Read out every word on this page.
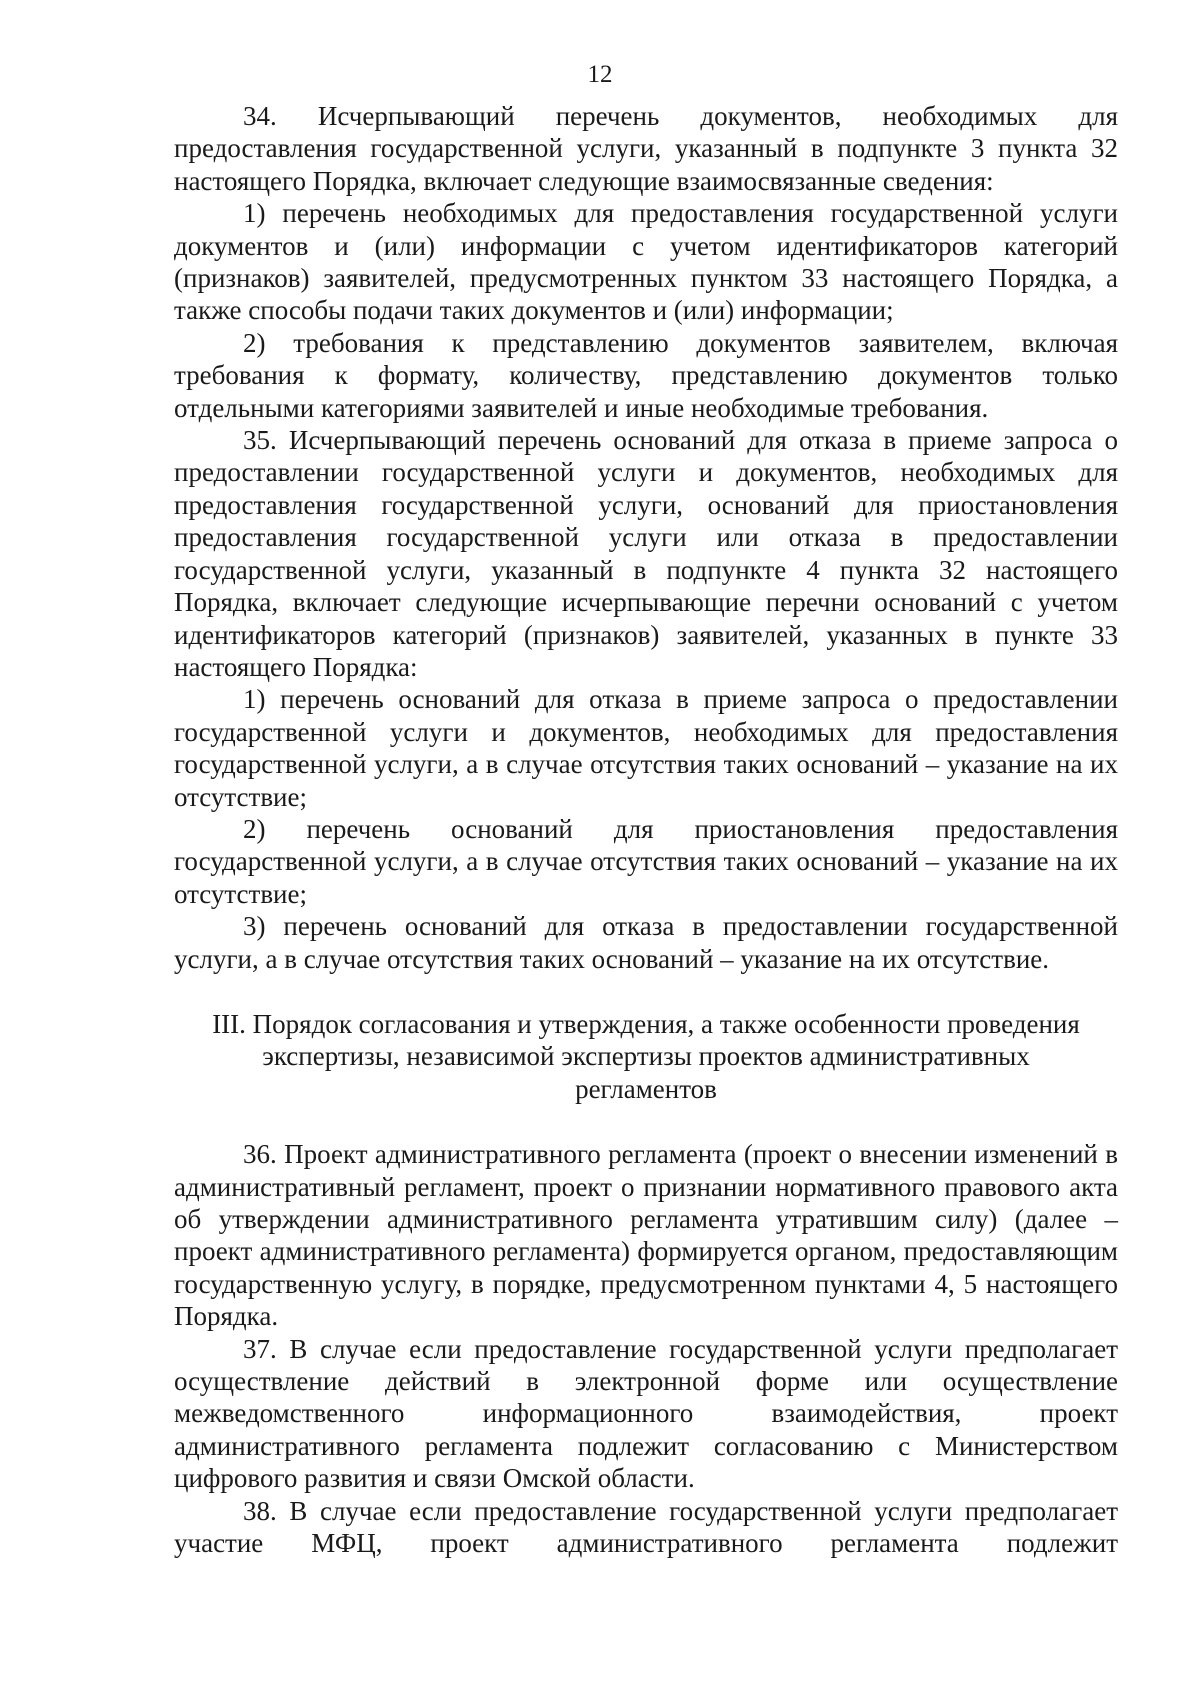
12

34. Исчерпывающий перечень документов, необходимых для предоставления государственной услуги, указанный в подпункте 3 пункта 32 настоящего Порядка, включает следующие взаимосвязанные сведения:

1) перечень необходимых для предоставления государственной услуги документов и (или) информации с учетом идентификаторов категорий (признаков) заявителей, предусмотренных пунктом 33 настоящего Порядка, а также способы подачи таких документов и (или) информации;

2) требования к представлению документов заявителем, включая требования к формату, количеству, представлению документов только отдельными категориями заявителей и иные необходимые требования.

35. Исчерпывающий перечень оснований для отказа в приеме запроса о предоставлении государственной услуги и документов, необходимых для предоставления государственной услуги, оснований для приостановления предоставления государственной услуги или отказа в предоставлении государственной услуги, указанный в подпункте 4 пункта 32 настоящего Порядка, включает следующие исчерпывающие перечни оснований с учетом идентификаторов категорий (признаков) заявителей, указанных в пункте 33 настоящего Порядка:

1) перечень оснований для отказа в приеме запроса о предоставлении государственной услуги и документов, необходимых для предоставления государственной услуги, а в случае отсутствия таких оснований – указание на их отсутствие;

2) перечень оснований для приостановления предоставления государственной услуги, а в случае отсутствия таких оснований – указание на их отсутствие;

3) перечень оснований для отказа в предоставлении государственной услуги, а в случае отсутствия таких оснований – указание на их отсутствие.

III. Порядок согласования и утверждения, а также особенности проведения
экспертизы, независимой экспертизы проектов административных
регламентов

36. Проект административного регламента (проект о внесении изменений в административный регламент, проект о признании нормативного правового акта об утверждении административного регламента утратившим силу) (далее – проект административного регламента) формируется органом, предоставляющим государственную услугу, в порядке, предусмотренном пунктами 4, 5 настоящего Порядка.

37. В случае если предоставление государственной услуги предполагает осуществление действий в электронной форме или осуществление межведомственного информационного взаимодействия, проект административного регламента подлежит согласованию с Министерством цифрового развития и связи Омской области.

38. В случае если предоставление государственной услуги предполагает участие МФЦ, проект административного регламента подлежит
